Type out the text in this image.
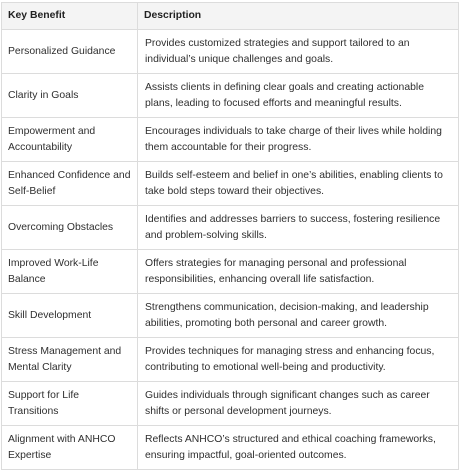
Key Benefit	Description
Personalized Guidance	Provides customized strategies and support tailored to an individual’s unique challenges and goals.
Clarity in Goals	Assists clients in defining clear goals and creating actionable plans, leading to focused efforts and meaningful results.
Empowerment and Accountability	Encourages individuals to take charge of their lives while holding them accountable for their progress.
Enhanced Confidence and Self-Belief	Builds self-esteem and belief in one’s abilities, enabling clients to take bold steps toward their objectives.
Overcoming Obstacles	Identifies and addresses barriers to success, fostering resilience and problem-solving skills.
Improved Work-Life Balance	Offers strategies for managing personal and professional responsibilities, enhancing overall life satisfaction.
Skill Development	Strengthens communication, decision-making, and leadership abilities, promoting both personal and career growth.
Stress Management and Mental Clarity	Provides techniques for managing stress and enhancing focus, contributing to emotional well-being and productivity.
Support for Life Transitions	Guides individuals through significant changes such as career shifts or personal development journeys.
Alignment with ANHCO Expertise	Reflects ANHCO’s structured and ethical coaching frameworks, ensuring impactful, goal-oriented outcomes.
